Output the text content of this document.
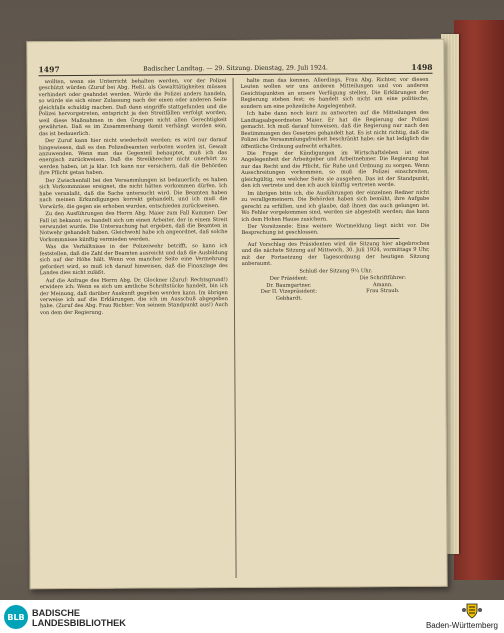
1497	Badischer Landtag. — 29. Sitzung. Dienstag, 29. Juli 1924.	1498

wollten, wenn sie Unterricht behalten werden, vor der Polizei geschützt würden (Zuruf bei Abg. Heß), als Gewalttätigkeiten müssen verhindert oder geahndet werden. Würde die Polizei anders handeln, so würde sie sich einer Zulassung nach der einen oder anderen Seite gleichfalls schuldig machen. Daß dann eingriffe stattgefunden und die Polizei hervorgetreten, entspricht ja den Streitfällen verfolgt worden, weil diese Maßnahmen in den Gruppen nicht allen Gerechtigkeit gewährten. Daß es im Zusammenhang damit verhängt worden sein, das ist bedauerlich.

Der Zuruf kann hier nicht wiederholt werden; es wird nur darauf hingewiesen, daß es den Polizeibeamten verboten worden ist, Gewalt anzuwenden. Wenn man das Gegenteil behauptet, muß ich das energisch zurückweisen. Daß die Streikbrecher nicht unerhört zu werden haben, ist ja klar. Ich kann nur versichern, daß die Behörden ihre Pflicht getan haben.

Der Zwischenfall bei den Versammlungen ist bedauerlich; es haben sich Vorkommnisse ereignet, die nicht hätten vorkommen dürfen. Ich habe veranlaßt, daß die Sache untersucht wird. Die Beamten haben nach meinen Erkundigungen korrekt gehandelt, und ich muß die Vorwürfe, die gegen sie erhoben wurden, entschieden zurückweisen.

Zu den Ausführungen des Herrn Abg. Maier zum Fall Kummer: Der Fall ist bekannt; es handelt sich um einen Arbeiter, der in einem Streit verwundet wurde. Die Untersuchung hat ergeben, daß die Beamten in Notwehr gehandelt haben. Gleichwohl habe ich angeordnet, daß solche Vorkommnisse künftig vermieden werden.

Was die Verhältnisse in der Polizeiwehr betrifft, so kann ich feststellen, daß die Zahl der Beamten ausreicht und daß die Ausbildung sich auf der Höhe hält. Wenn von mancher Seite eine Vermehrung gefordert wird, so muß ich darauf hinweisen, daß die Finanzlage des Landes dies nicht zuläßt.

Auf die Anfrage des Herrn Abg. Dr. Glockner (Zuruf: Rechtsgrund!) erwidere ich: Wenn es sich um amtliche Schriftstücke handelt, bin ich der Meinung, daß darüber Auskunft gegeben werden kann. Im übrigen verweise ich auf die Erklärungen, die ich im Ausschuß abgegeben habe. (Zuruf des Abg. Frau Richter: Von seinem Standpunkt aus!) Auch von dem der Regierung.

halte man das kennen. Allerdings, Frau Abg. Richter, vor diesen Leuten wollen wir uns anderen Mitteilungen und von anderen Gesichtspunkten an unsere Verfügung stellen. Die Erklärungen der Regierung stehen fest; es handelt sich nicht um eine politische, sondern um eine polizeiliche Angelegenheit.

Ich habe dann noch kurz zu antworten auf die Mitteilungen des Landtagsabgeordneten Maier. Er hat die Regierung der Polizei gemacht. Ich muß darauf hinweisen, daß die Regierung nur nach den Bestimmungen des Gesetzes gehandelt hat. Es ist nicht richtig, daß die Polizei die Versammlungsfreiheit beschränkt habe; sie hat lediglich die öffentliche Ordnung aufrecht erhalten.

Die Frage der Kündigungen im Wirtschaftsleben ist eine Angelegenheit der Arbeitgeber und Arbeitnehmer. Die Regierung hat nur das Recht und die Pflicht, für Ruhe und Ordnung zu sorgen. Wenn Ausschreitungen vorkommen, so muß die Polizei einschreiten, gleichgültig, von welcher Seite sie ausgehen. Das ist der Standpunkt, den ich vertrete und den ich auch künftig vertreten werde.

Im übrigen bitte ich, die Ausführungen der einzelnen Redner nicht zu verallgemeinern. Die Behörden haben sich bemüht, ihre Aufgabe gerecht zu erfüllen, und ich glaube, daß ihnen das auch gelungen ist. Wo Fehler vorgekommen sind, werden sie abgestellt werden; das kann ich dem Hohen Hause zusichern.

Der Vorsitzende: Eine weitere Wortmeldung liegt nicht vor. Die Besprechung ist geschlossen.

Auf Vorschlag des Präsidenten wird die Sitzung hier abgebrochen und die nächste Sitzung auf Mittwoch, 30. Juli 1924, vormittags 9 Uhr, mit der Fortsetzung der Tagesordnung der heutigen Sitzung anberaumt.

Schluß der Sitzung 9¼ Uhr.

Der Präsident:
Dr. Baumgartner.
Der II. Vizepräsident:
Gebhardt.
Die Schriftführer:
Amann.
Frau Straub.
BLB BADISCHE
LANDESBIBLIOTHEK	Baden-Württemberg
